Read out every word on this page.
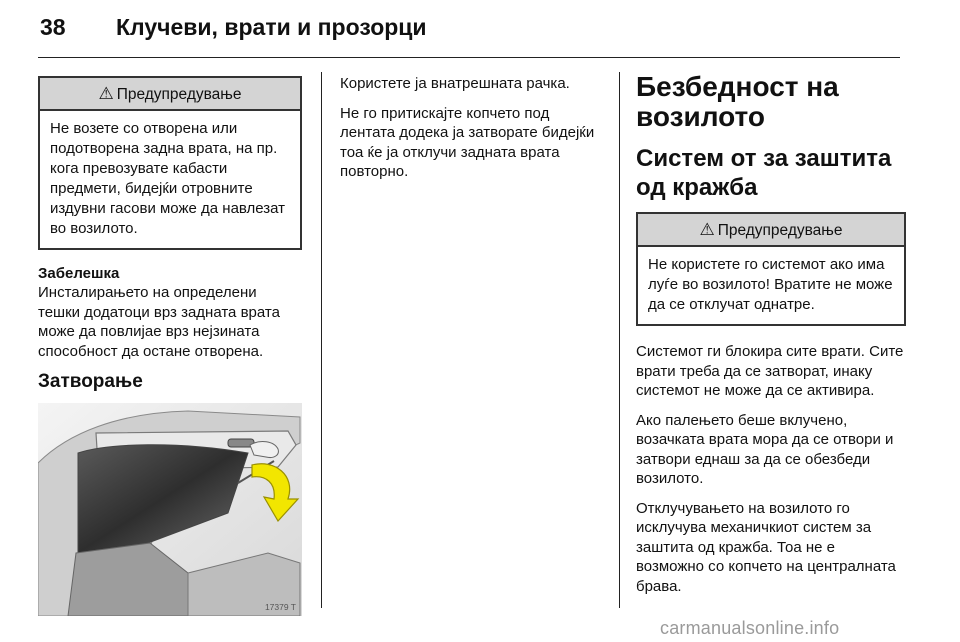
38 Клучеви, врати и прозорци
⚠ Предупредување
Не возете со отворена или подотворена задна врата, на пр. кога превозувате кабасти предмети, бидејќи отровните издувни гасови може да навлезат во возилото.
Забелешка

Инсталирањето на определени тешки додатоци врз задната врата може да повлијае врз нејзината способност да остане отворена.

Затворање
17379 T

Користете ја внатрешната рачка.

Не го притискајте копчето под лентата додека ја затворате бидејќи тоа ќе ја отклучи задната врата повторно.

Безбедност на возилото
Систем от за заштита од кражба
⚠ Предупредување
Не користете го системот ако има луѓе во возилото! Вратите не може да се отклучат однатре.

Системот ги блокира сите врати. Сите врати треба да се затворат, инаку системот не може да се активира.

Ако палењето беше вклучено, возачката врата мора да се отвори и затвори еднаш за да се обезбеди возилото.

Отклучувањето на возилото го исклучува механичкиот систем за заштита од кражба. Тоа не е возможно со копчето на централната брава.

carmanualsonline.info
